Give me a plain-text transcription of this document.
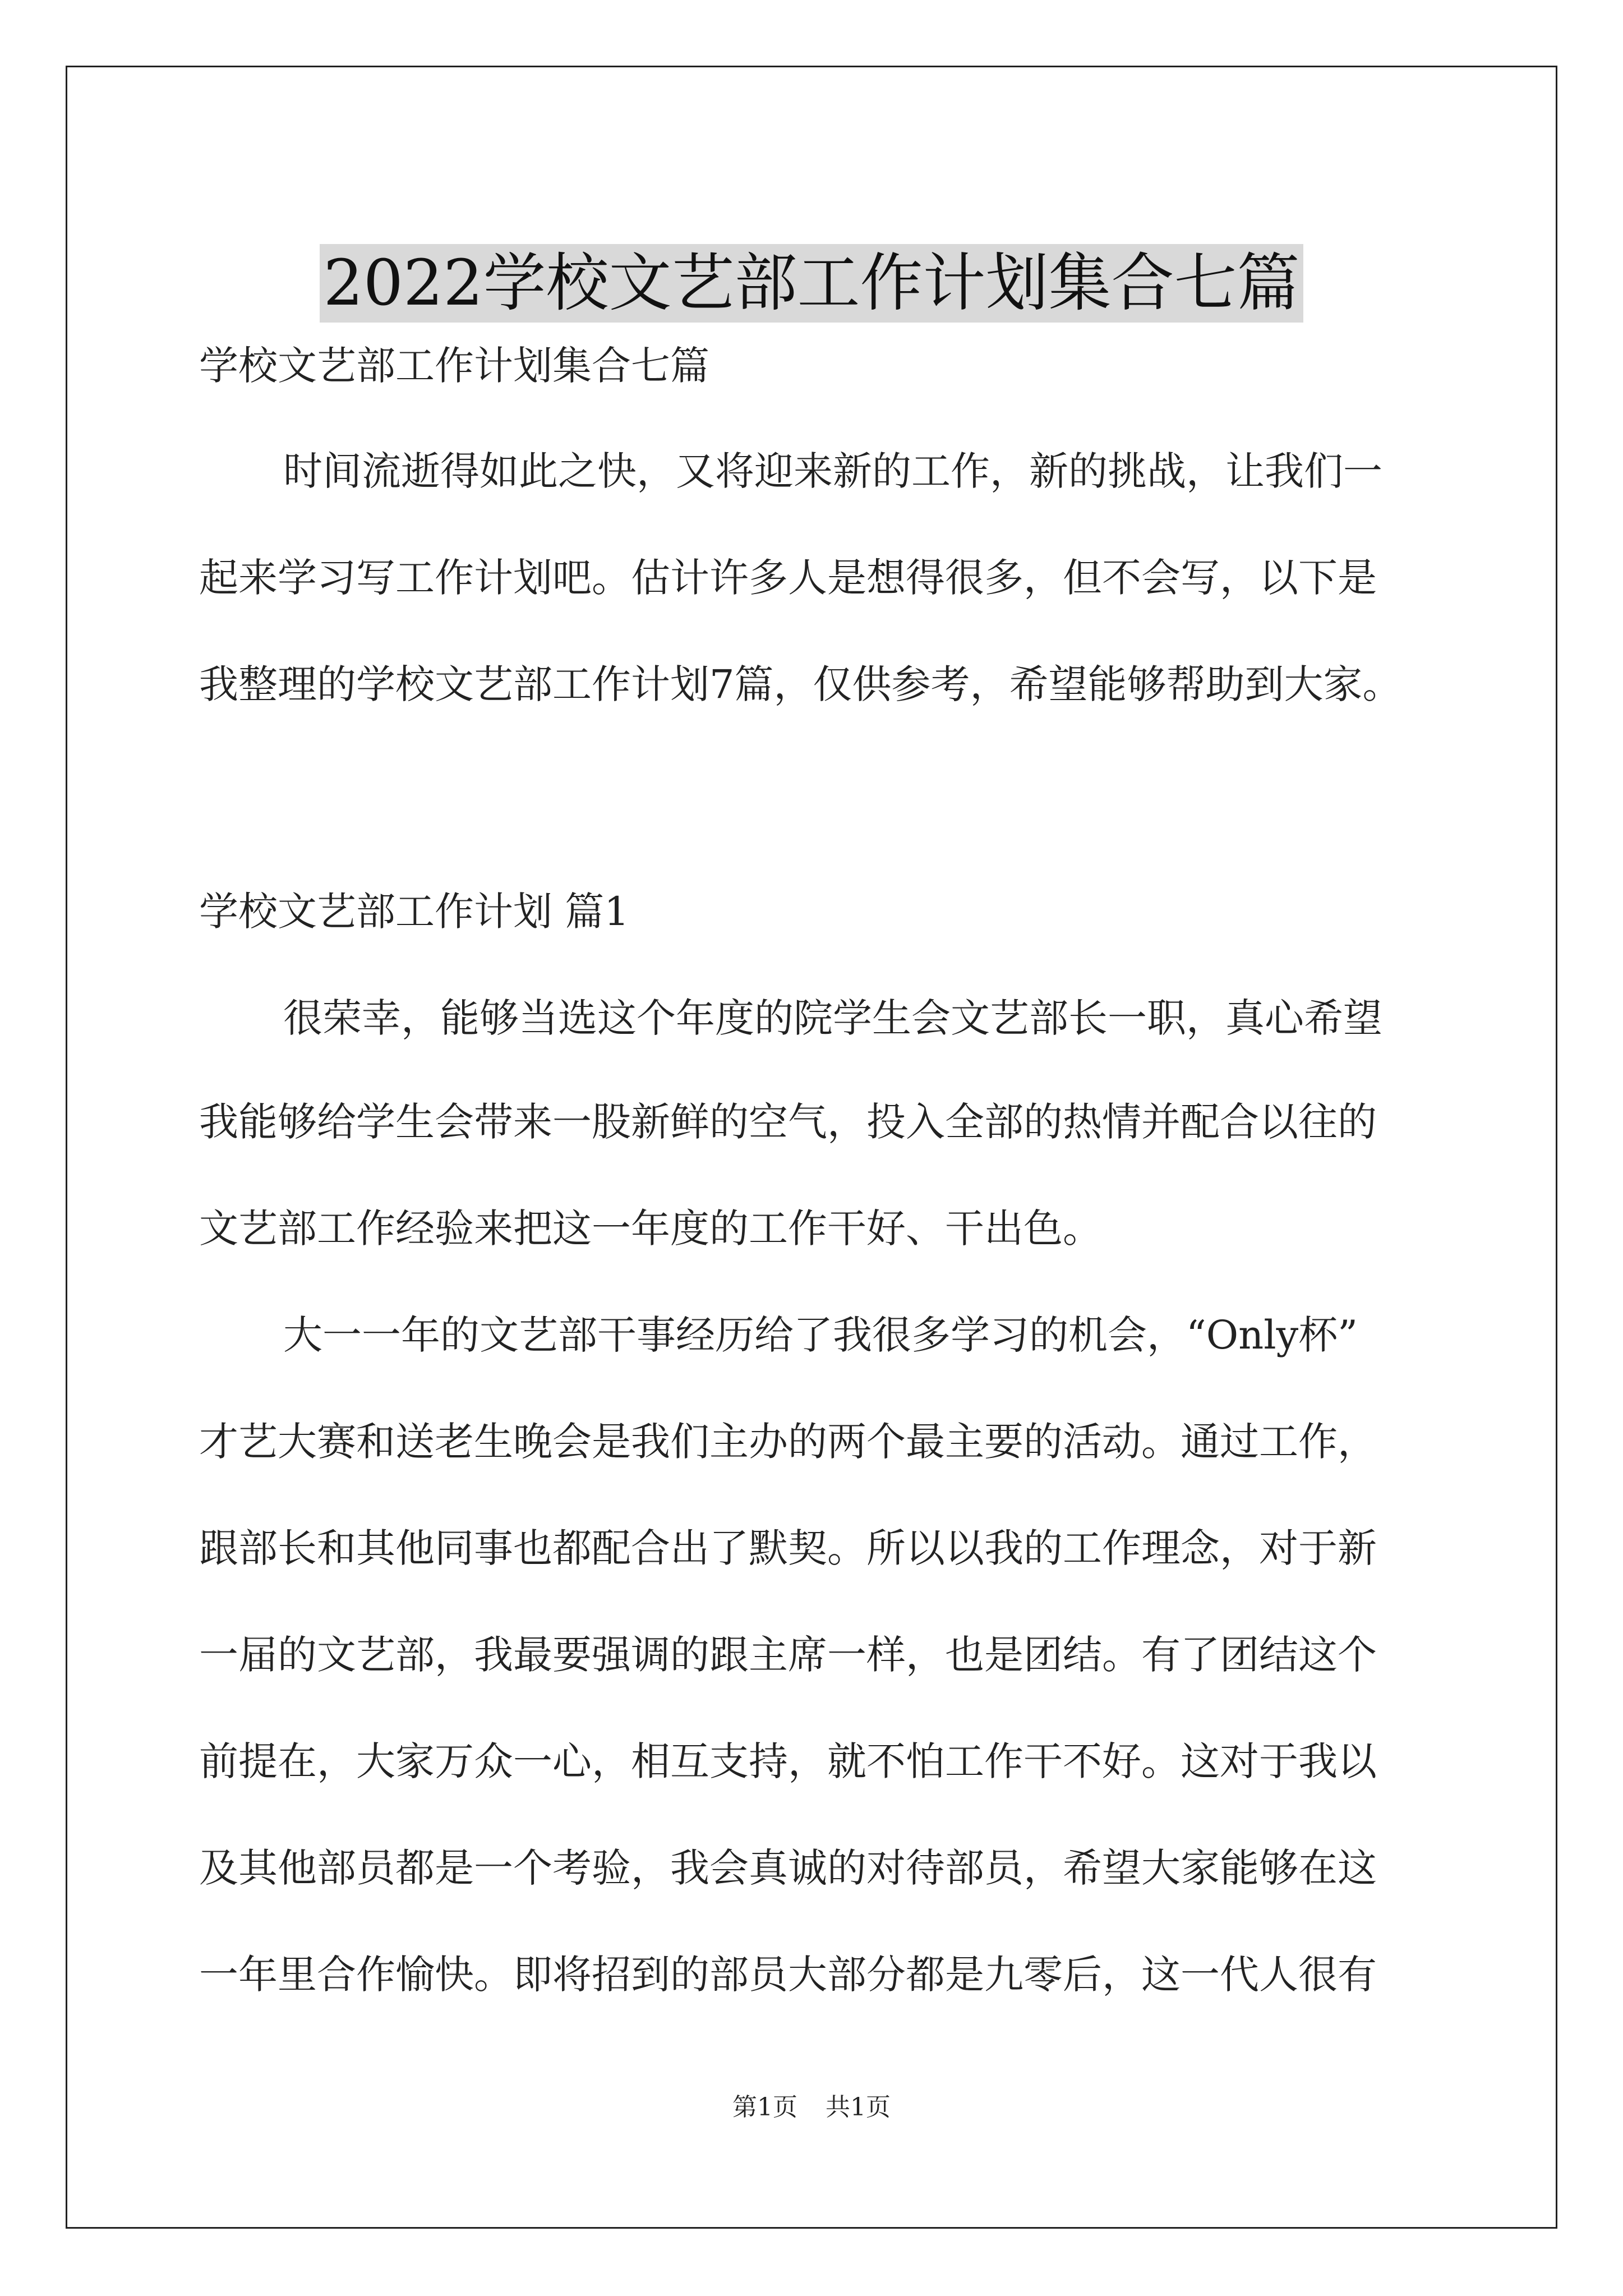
2022学校文艺部工作计划集合七篇

学校文艺部工作计划集合七篇

时间流逝得如此之快，又将迎来新的工作，新的挑战，让我们一

起来学习写工作计划吧。估计许多人是想得很多，但不会写，以下是

我整理的学校文艺部工作计划7篇，仅供参考，希望能够帮助到大家。

学校文艺部工作计划 篇1

很荣幸，能够当选这个年度的院学生会文艺部长一职，真心希望

我能够给学生会带来一股新鲜的空气，投入全部的热情并配合以往的

文艺部工作经验来把这一年度的工作干好、干出色。

大一一年的文艺部干事经历给了我很多学习的机会，“Only杯”

才艺大赛和送老生晚会是我们主办的两个最主要的活动。通过工作，

跟部长和其他同事也都配合出了默契。所以以我的工作理念，对于新

一届的文艺部，我最要强调的跟主席一样，也是团结。有了团结这个

前提在，大家万众一心，相互支持，就不怕工作干不好。这对于我以

及其他部员都是一个考验，我会真诚的对待部员，希望大家能够在这

一年里合作愉快。即将招到的部员大部分都是九零后，这一代人很有

第1页 共1页
